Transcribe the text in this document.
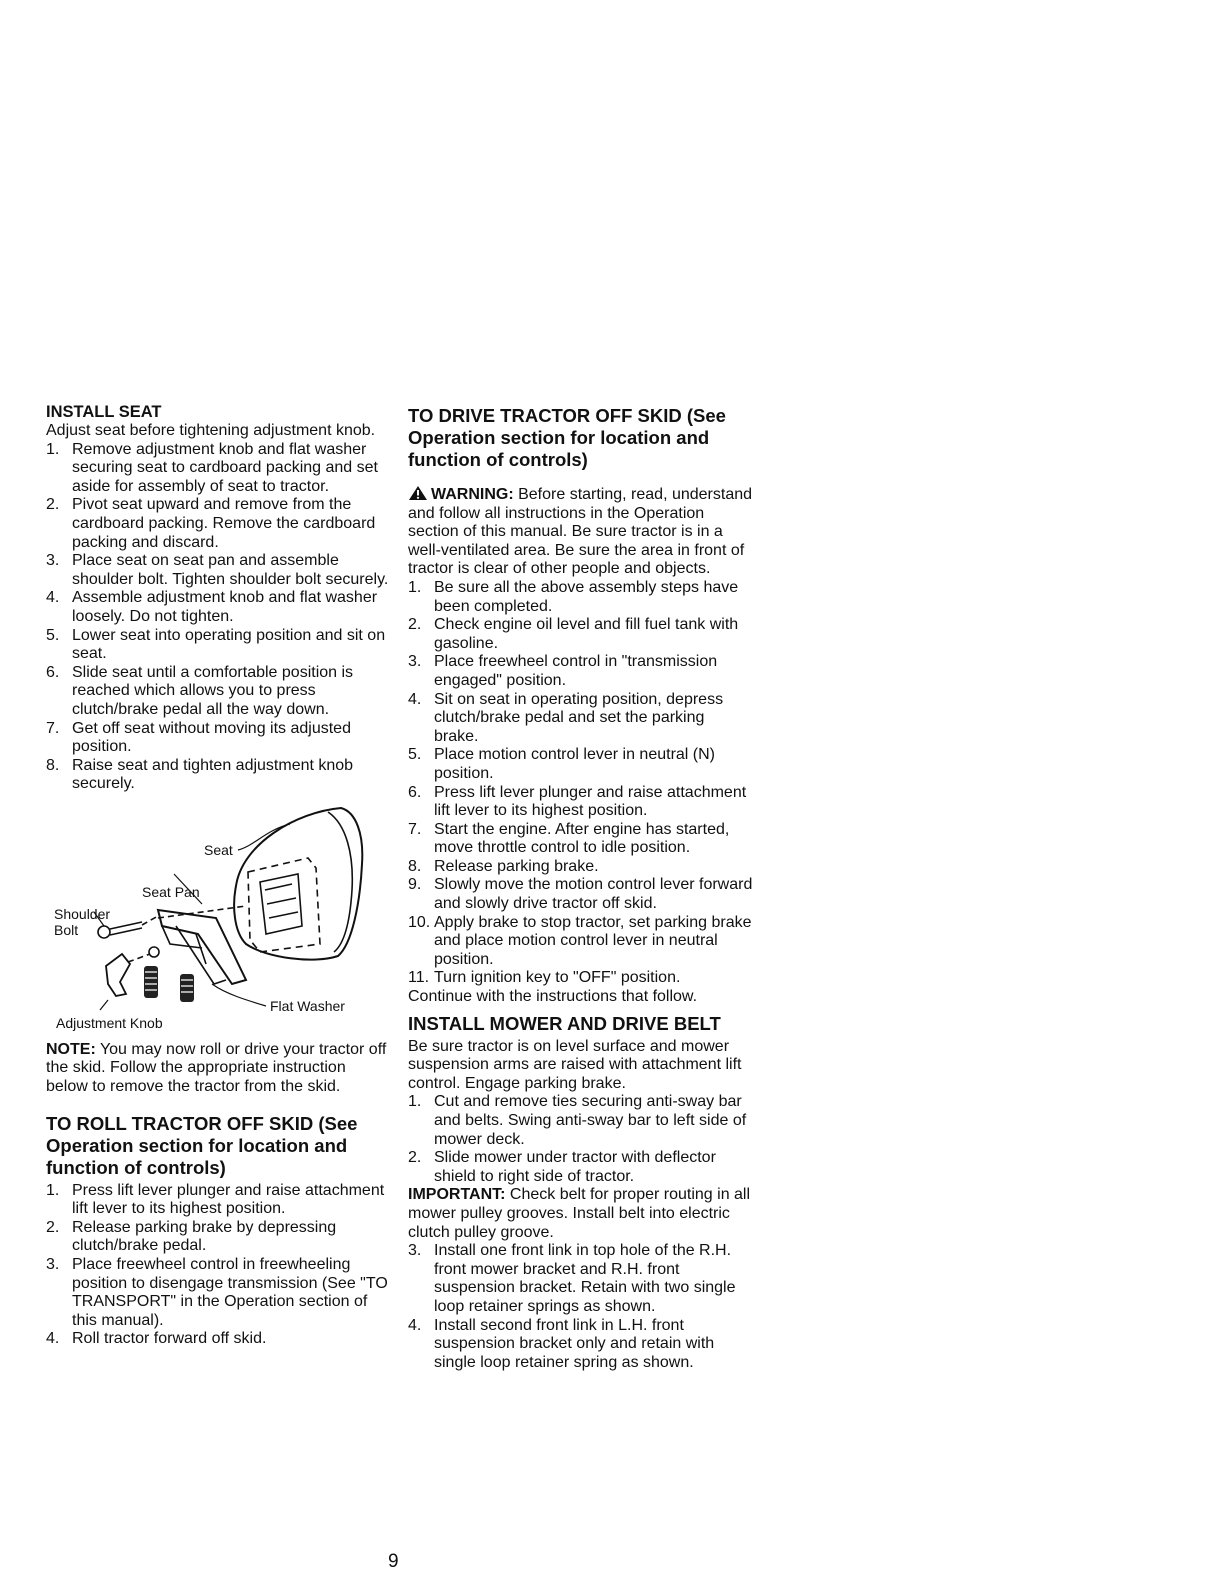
INSTALL SEAT

Adjust seat before tightening adjustment knob.

1. Remove adjustment knob and flat washer securing seat to cardboard packing and set aside for assembly of seat to tractor.
2. Pivot seat upward and remove from the cardboard packing. Remove the cardboard packing and discard.
3. Place seat on seat pan and assemble shoulder bolt. Tighten shoulder bolt securely.
4. Assemble adjustment knob and flat washer loosely. Do not tighten.
5. Lower seat into operating position and sit on seat.
6. Slide seat until a comfortable position is reached which allows you to press clutch/brake pedal all the way down.
7. Get off seat without moving its adjusted position.
8. Raise seat and tighten adjustment knob securely.
Seat
Seat Pan
Shoulder
Bolt
Flat Washer
Adjustment Knob

NOTE: You may now roll or drive your tractor off the skid. Follow the appropriate instruction below to remove the tractor from the skid.

TO ROLL TRACTOR OFF SKID (See Operation section for location and function of controls)
1. Press lift lever plunger and raise attachment lift lever to its highest position.
2. Release parking brake by depressing clutch/brake pedal.
3. Place freewheel control in freewheeling position to disengage transmission (See "TO TRANSPORT" in the Operation section of this manual).
4. Roll tractor forward off skid.
TO DRIVE TRACTOR OFF SKID (See Operation section for location and function of controls)

WARNING: Before starting, read, understand and follow all instructions in the Operation section of this manual. Be sure tractor is in a well-ventilated area. Be sure the area in front of tractor is clear of other people and objects.

1. Be sure all the above assembly steps have been completed.
2. Check engine oil level and fill fuel tank with gasoline.
3. Place freewheel control in "transmission engaged" position.
4. Sit on seat in operating position, depress clutch/brake pedal and set the parking brake.
5. Place motion control lever in neutral (N) position.
6. Press lift lever plunger and raise attachment lift lever to its highest position.
7. Start the engine. After engine has started, move throttle control to idle position.
8. Release parking brake.
9. Slowly move the motion control lever forward and slowly drive tractor off skid.
10. Apply brake to stop tractor, set parking brake and place motion control lever in neutral position.
11. Turn ignition key to "OFF" position.

Continue with the instructions that follow.

INSTALL MOWER AND DRIVE BELT

Be sure tractor is on level surface and mower suspension arms are raised with attachment lift control. Engage parking brake.

1. Cut and remove ties securing anti-sway bar and belts. Swing anti-sway bar to left side of mower deck.
2. Slide mower under tractor with deflector shield to right side of tractor.

IMPORTANT: Check belt for proper routing in all mower pulley grooves. Install belt into electric clutch pulley groove.

3. Install one front link in top hole of the R.H. front mower bracket and R.H. front suspension bracket. Retain with two single loop retainer springs as shown.
4. Install second front link in L.H. front suspension bracket only and retain with single loop retainer spring as shown.
9
